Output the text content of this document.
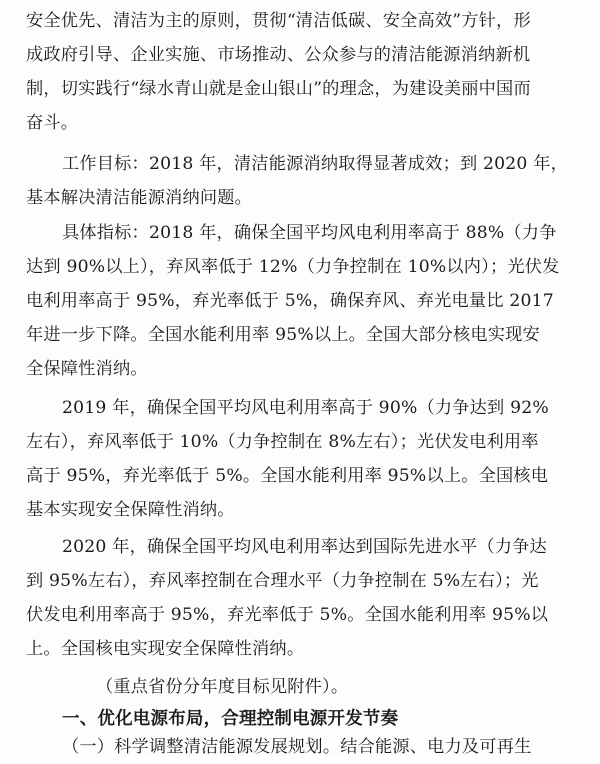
安全优先、清洁为主的原则，贯彻“清洁低碳、安全高效”方针，形
成政府引导、企业实施、市场推动、公众参与的清洁能源消纳新机
制，切实践行“绿水青山就是金山银山”的理念，为建设美丽中国而
奋斗。
工作目标：2018 年，清洁能源消纳取得显著成效；到 2020 年，
基本解决清洁能源消纳问题。
具体指标：2018 年，确保全国平均风电利用率高于 88%（力争
达到 90%以上），弃风率低于 12%（力争控制在 10%以内）；光伏发
电利用率高于 95%，弃光率低于 5%，确保弃风、弃光电量比 2017
年进一步下降。全国水能利用率 95%以上。全国大部分核电实现安
全保障性消纳。
2019 年，确保全国平均风电利用率高于 90%（力争达到 92%
左右），弃风率低于 10%（力争控制在 8%左右）；光伏发电利用率
高于 95%，弃光率低于 5%。全国水能利用率 95%以上。全国核电
基本实现安全保障性消纳。
2020 年，确保全国平均风电利用率达到国际先进水平（力争达
到 95%左右），弃风率控制在合理水平（力争控制在 5%左右）；光
伏发电利用率高于 95%，弃光率低于 5%。全国水能利用率 95%以
上。全国核电实现安全保障性消纳。
（重点省份分年度目标见附件）。
一、优化电源布局，合理控制电源开发节奏
（一）科学调整清洁能源发展规划。结合能源、电力及可再生
